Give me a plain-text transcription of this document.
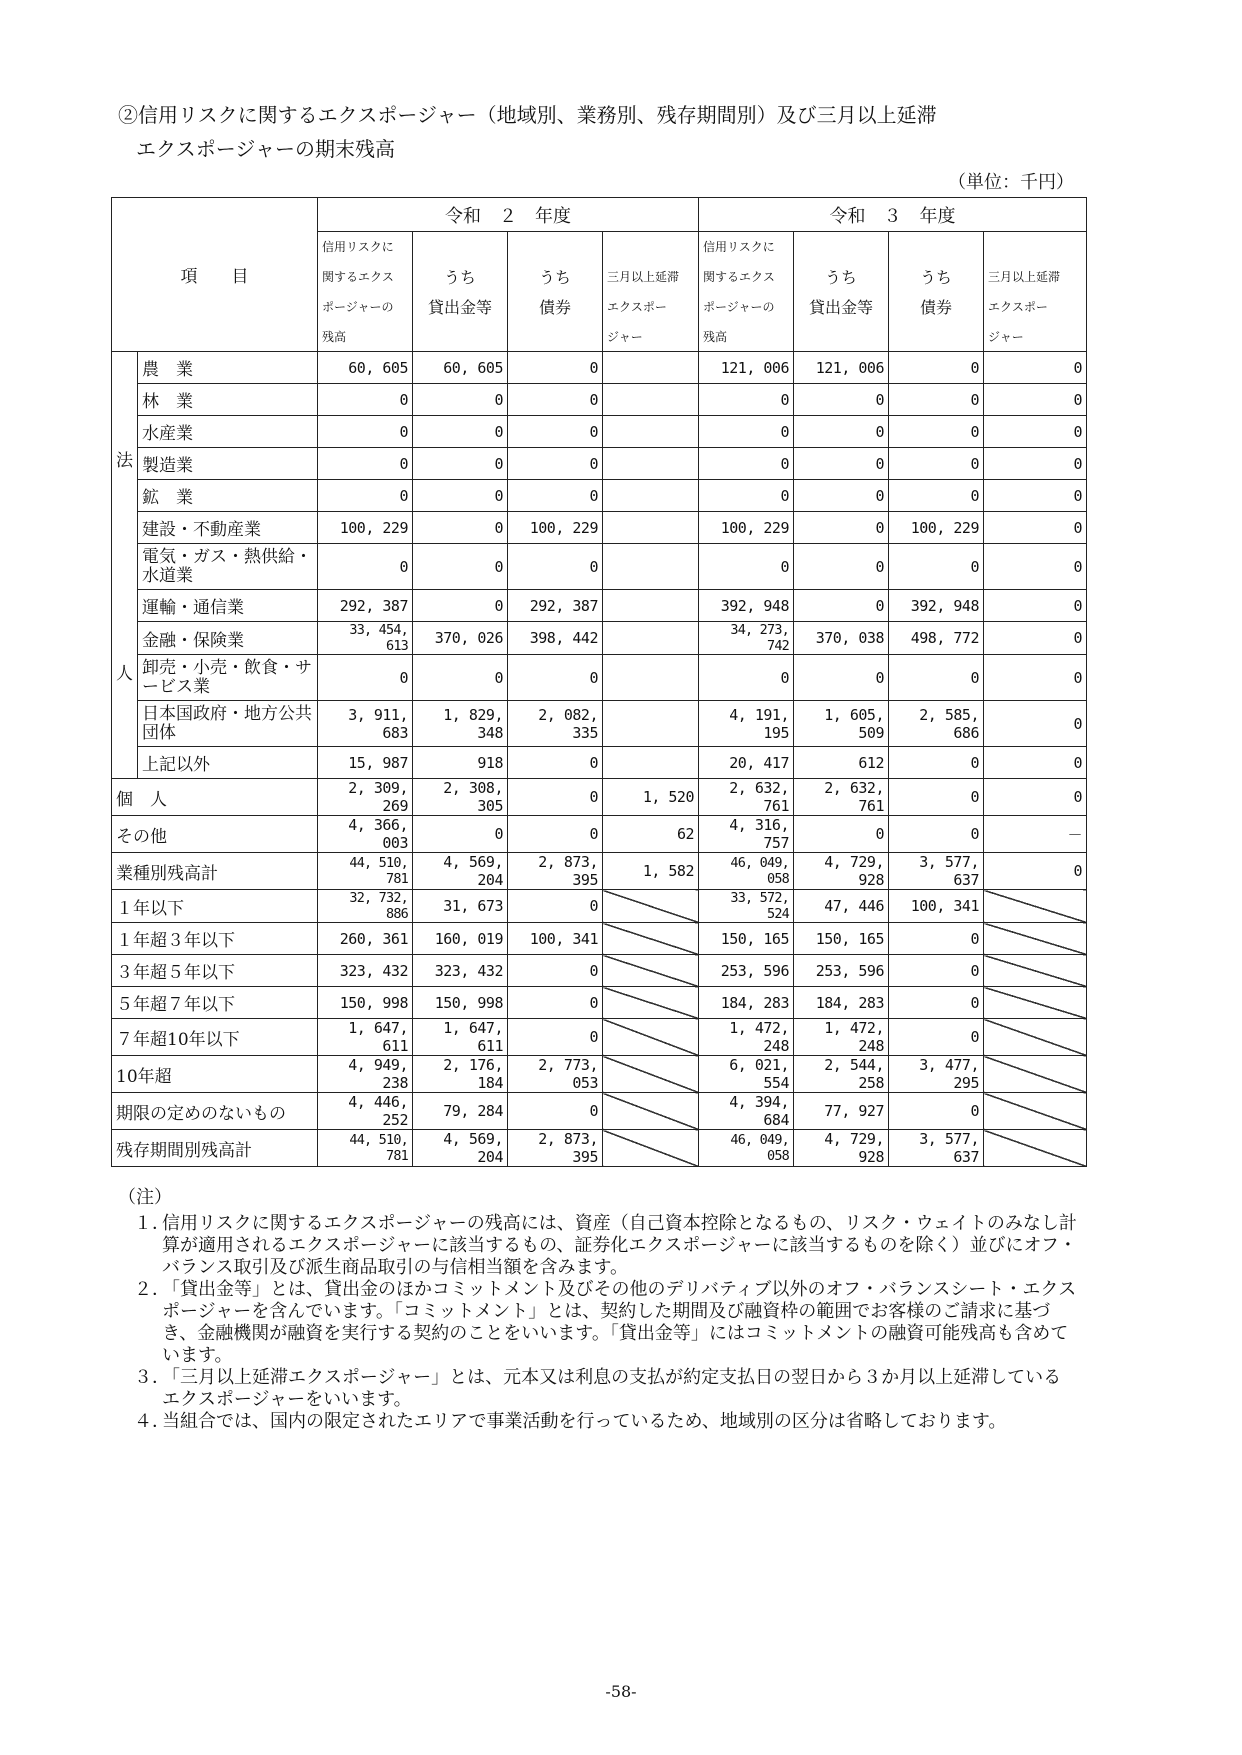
②信用リスクに関するエクスポージャー（地域別、業務別、残存期間別）及び三月以上延滞
エクスポージャーの期末残高
（単位：千円）
項　　目		令和　２　年度				令和　３　年度			
		信用リスクに				信用リスクに			
		関するエクス	うち	うち	三月以上延滞	関するエクス	うち	うち	三月以上延滞
		ポージャーの	貸出金等	債券	エクスポー	ポージャーの	貸出金等	債券	エクスポー
		残高			ジャー	残高			ジャー

法
人	農　業	60, 605	60, 605	0		121, 006	121, 006	0	0
	林　業	0	0	0		0	0	0	0
	水産業	0	0	0		0	0	0	0
	製造業	0	0	0		0	0	0	0
	鉱　業	0	0	0		0	0	0	0
	建設・不動産業	100, 229	0	100, 229		100, 229	0	100, 229	0
	電気・ガス・熱供給・水道業	0	0	0		0	0	0	0
	運輸・通信業	292, 387	0	292, 387		392, 948	0	392, 948	0
	金融・保険業	33, 454, 613	370, 026	398, 442		34, 273, 742	370, 038	498, 772	0
	卸売・小売・飲食・サービス業	0	0	0		0	0	0	0
	日本国政府・地方公共団体	3, 911, 683	1, 829, 348	2, 082, 335		4, 191, 195	1, 605, 509	2, 585, 686	0
	上記以外	15, 987	918	0		20, 417	612	0	0
個　人		2, 309, 269	2, 308, 305	0	1, 520	2, 632, 761	2, 632, 761	0	0
その他		4, 366, 003	0	0	62	4, 316, 757	0	0	－
業種別残高計		44, 510, 781	4, 569, 204	2, 873, 395	1, 582	46, 049, 058	4, 729, 928	3, 577, 637	0
１年以下		32, 732, 886	31, 673	0		33, 572, 524	47, 446	100, 341	
１年超３年以下		260, 361	160, 019	100, 341		150, 165	150, 165	0	
３年超５年以下		323, 432	323, 432	0		253, 596	253, 596	0	
５年超７年以下		150, 998	150, 998	0		184, 283	184, 283	0	
７年超10年以下		1, 647, 611	1, 647, 611	0		1, 472, 248	1, 472, 248	0	
10年超		4, 949, 238	2, 176, 184	2, 773, 053		6, 021, 554	2, 544, 258	3, 477, 295	
期限の定めのないもの		4, 446, 252	79, 284	0		4, 394, 684	77, 927	0	
残存期間別残高計		44, 510, 781	4, 569, 204	2, 873, 395		46, 049, 058	4, 729, 928	3, 577, 637	
（注）
１．
信用リスクに関するエクスポージャーの残高には、資産（自己資本控除となるもの、リスク・ウェイトのみなし計算が適用されるエクスポージャーに該当するもの、証券化エクスポージャーに該当するものを除く）並びにオフ・バランス取引及び派生商品取引の与信相当額を含みます。
２．
「貸出金等」とは、貸出金のほかコミットメント及びその他のデリバティブ以外のオフ・バランスシート・エクスポージャーを含んでいます。「コミットメント」とは、契約した期間及び融資枠の範囲でお客様のご請求に基づき、金融機関が融資を実行する契約のことをいいます。「貸出金等」にはコミットメントの融資可能残高も含めています。
３．
「三月以上延滞エクスポージャー」とは、元本又は利息の支払が約定支払日の翌日から３か月以上延滞しているエクスポージャーをいいます。
４．
当組合では、国内の限定されたエリアで事業活動を行っているため、地域別の区分は省略しております。
-58-
